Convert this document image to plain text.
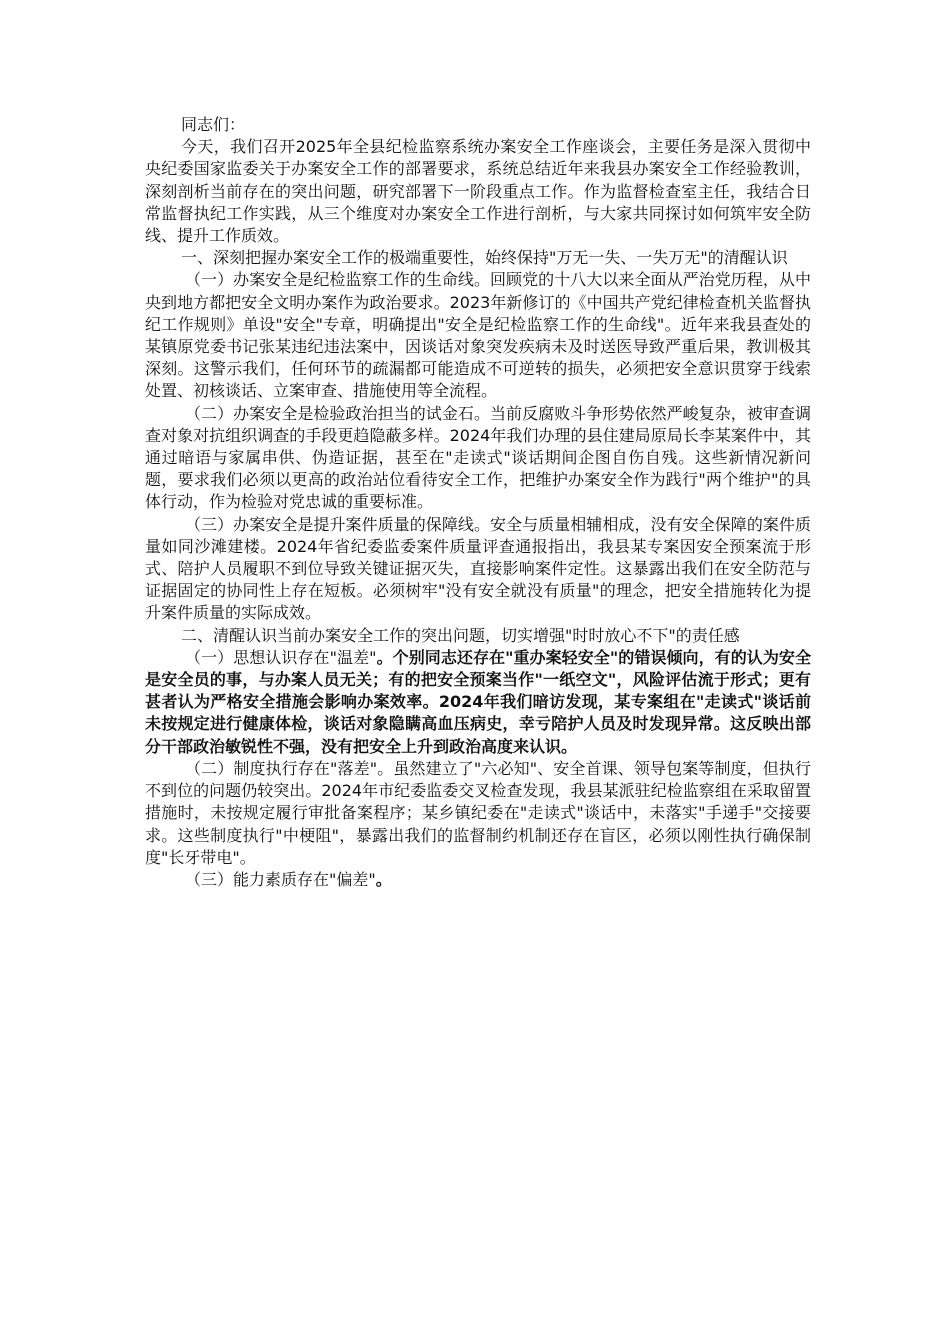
同志们：

今天，我们召开2025年全县纪检监察系统办案安全工作座谈会，主要任务是深入贯彻中央纪委国家监委关于办案安全工作的部署要求，系统总结近年来我县办案安全工作经验教训，深刻剖析当前存在的突出问题，研究部署下一阶段重点工作。作为监督检查室主任，我结合日常监督执纪工作实践，从三个维度对办案安全工作进行剖析，与大家共同探讨如何筑牢安全防线、提升工作质效。

一、深刻把握办案安全工作的极端重要性，始终保持"万无一失、一失万无"的清醒认识

（一）办案安全是纪检监察工作的生命线。回顾党的十八大以来全面从严治党历程，从中央到地方都把安全文明办案作为政治要求。2023年新修订的《中国共产党纪律检查机关监督执纪工作规则》单设"安全"专章，明确提出"安全是纪检监察工作的生命线"。近年来我县查处的某镇原党委书记张某违纪违法案中，因谈话对象突发疾病未及时送医导致严重后果，教训极其深刻。这警示我们，任何环节的疏漏都可能造成不可逆转的损失，必须把安全意识贯穿于线索处置、初核谈话、立案审查、措施使用等全流程。

（二）办案安全是检验政治担当的试金石。当前反腐败斗争形势依然严峻复杂，被审查调查对象对抗组织调查的手段更趋隐蔽多样。2024年我们办理的县住建局原局长李某案件中，其通过暗语与家属串供、伪造证据，甚至在"走读式"谈话期间企图自伤自残。这些新情况新问题，要求我们必须以更高的政治站位看待安全工作，把维护办案安全作为践行"两个维护"的具体行动，作为检验对党忠诚的重要标准。

（三）办案安全是提升案件质量的保障线。安全与质量相辅相成，没有安全保障的案件质量如同沙滩建楼。2024年省纪委监委案件质量评查通报指出，我县某专案因安全预案流于形式、陪护人员履职不到位导致关键证据灭失，直接影响案件定性。这暴露出我们在安全防范与证据固定的协同性上存在短板。必须树牢"没有安全就没有质量"的理念，把安全措施转化为提升案件质量的实际成效。

二、清醒认识当前办案安全工作的突出问题，切实增强"时时放心不下"的责任感

（一）思想认识存在"温差"。个别同志还存在"重办案轻安全"的错误倾向，有的认为安全是安全员的事，与办案人员无关；有的把安全预案当作"一纸空文"，风险评估流于形式；更有甚者认为严格安全措施会影响办案效率。2024年我们暗访发现，某专案组在"走读式"谈话前未按规定进行健康体检，谈话对象隐瞒高血压病史，幸亏陪护人员及时发现异常。这反映出部分干部政治敏锐性不强，没有把安全上升到政治高度来认识。

（二）制度执行存在"落差"。虽然建立了"六必知"、安全首课、领导包案等制度，但执行不到位的问题仍较突出。2024年市纪委监委交叉检查发现，我县某派驻纪检监察组在采取留置措施时，未按规定履行审批备案程序；某乡镇纪委在"走读式"谈话中，未落实"手递手"交接要求。这些制度执行"中梗阻"，暴露出我们的监督制约机制还存在盲区，必须以刚性执行确保制度"长牙带电"。

（三）能力素质存在"偏差"。
